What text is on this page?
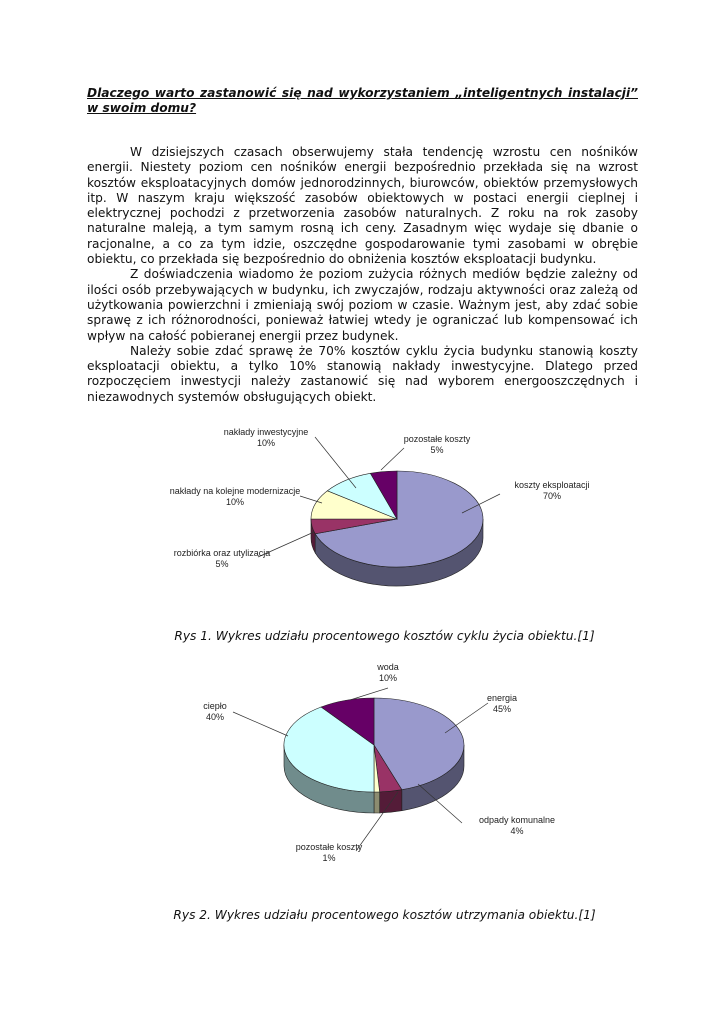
Dlaczego warto zastanowić się nad wykorzystaniem „inteligentnych instalacji” w swoim domu?

W dzisiejszych czasach obserwujemy stała tendencję wzrostu cen nośników energii. Niestety poziom cen nośników energii bezpośrednio przekłada się na wzrost kosztów eksploatacyjnych domów jednorodzinnych, biurowców, obiektów przemysłowych itp. W naszym kraju większość zasobów obiektowych w postaci energii cieplnej i elektrycznej pochodzi z przetworzenia zasobów naturalnych. Z roku na rok zasoby naturalne maleją, a tym samym rosną ich ceny. Zasadnym więc wydaje się dbanie o racjonalne, a co za tym idzie, oszczędne gospodarowanie tymi zasobami w obrębie obiektu, co przekłada się bezpośrednio do obniżenia kosztów eksploatacji budynku.

Z doświadczenia wiadomo że poziom zużycia różnych mediów będzie zależny od ilości osób przebywających w budynku, ich zwyczajów, rodzaju aktywności oraz zależą od użytkowania powierzchni i zmieniają swój poziom w czasie. Ważnym jest, aby zdać sobie sprawę z ich różnorodności, ponieważ łatwiej wtedy je ograniczać lub kompensować ich wpływ na całość pobieranej energii przez budynek.

Należy sobie zdać sprawę że 70% kosztów cyklu życia budynku stanowią koszty eksploatacji obiektu, a tylko 10% stanowią nakłady inwestycyjne. Dlatego przed rozpoczęciem inwestycji należy zastanowić się nad wyborem energooszczędnych i niezawodnych systemów obsługujących obiekt.

koszty eksploatacji
70%
rozbiórka oraz utylizacja
5%
nakłady na kolejne modernizacje
10%
nakłady inwestycyjne
10%	pozostałe koszty
5%
Rys 1. Wykres udziału procentowego kosztów cyklu życia obiektu.[1]
energia
45%
odpady komunalne
4%
pozostałe koszty
1%
ciepło
40%
woda
10%
Rys 2. Wykres udziału procentowego kosztów utrzymania obiektu.[1]
